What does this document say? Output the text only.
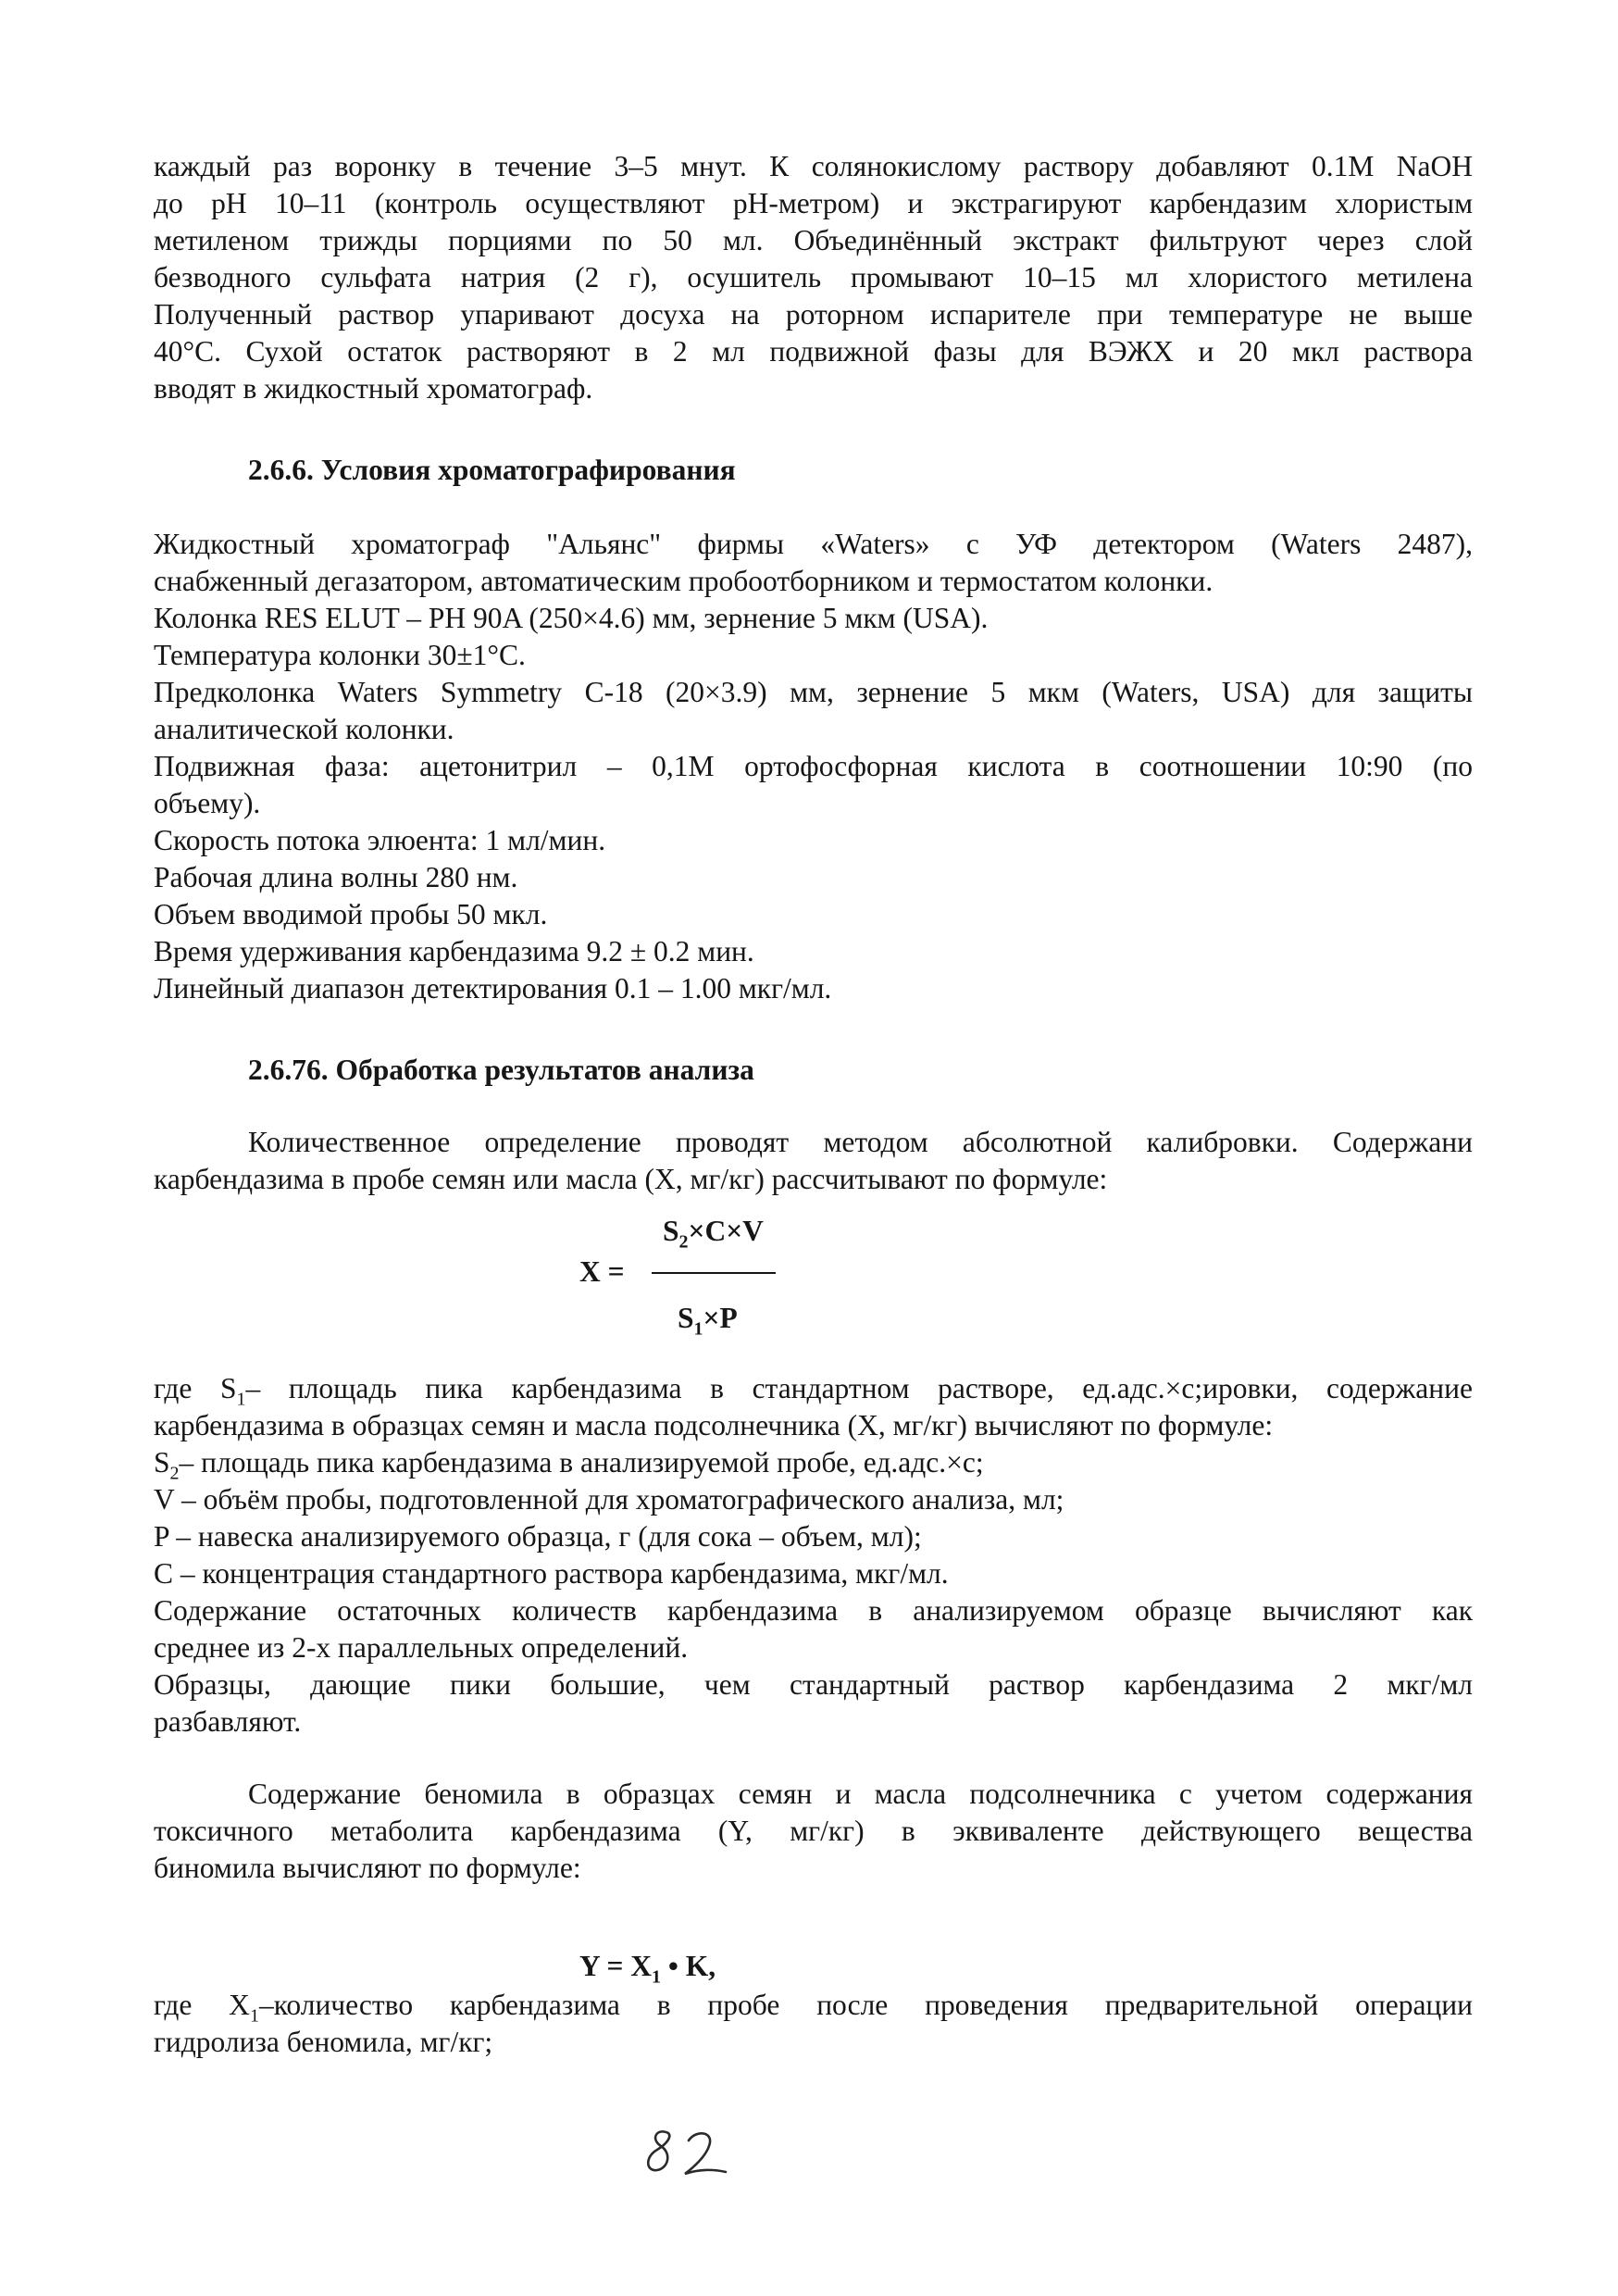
каждый раз воронку в течение 3–5 мнут. К солянокислому раствору добавляют 0.1М NaOH
до рН 10–11 (контроль осуществляют рН-метром) и экстрагируют карбендазим хлористым
метиленом трижды порциями по 50 мл. Объединённый экстракт фильтруют через слой
безводного сульфата натрия (2 г), осушитель промывают 10–15 мл хлористого метилена
Полученный раствор упаривают досуха на роторном испарителе при температуре не выше
40°С. Сухой остаток растворяют в 2 мл подвижной фазы для ВЭЖХ и 20 мкл раствора
вводят в жидкостный хроматограф.
2.6.6. Условия хроматографирования
Жидкостный хроматограф "Альянс" фирмы «Waters» с УФ детектором (Waters 2487),
снабженный дегазатором, автоматическим пробоотборником и термостатом колонки.
Колонка RES ELUT – PH 90A (250×4.6) мм, зернение 5 мкм (USA).
Температура колонки 30±1°С.
Предколонка Waters Symmetry C-18 (20×3.9) мм, зернение 5 мкм (Waters, USA) для защиты
аналитической колонки.
Подвижная фаза: ацетонитрил – 0,1М ортофосфорная кислота в соотношении 10:90 (по
объему).
Скорость потока элюента: 1 мл/мин.
Рабочая длина волны 280 нм.
Объем вводимой пробы 50 мкл.
Время удерживания карбендазима 9.2 ± 0.2 мин.
Линейный диапазон детектирования 0.1 – 1.00 мкг/мл.
2.6.76. Обработка результатов анализа
Количественное определение проводят методом абсолютной калибровки. Содержани
карбендазима в пробе семян или масла (Х, мг/кг) рассчитывают по формуле:
$S_2\times C\times V$
X =
$S_1\times P$
где $S_1-$ площадь пика карбендазима в стандартном растворе, ед.адс.×с;ировки, содержание
карбендазима в образцах семян и масла подсолнечника (Х, мг/кг) вычисляют по формуле:
$S_2-$ площадь пика карбендазима в анализируемой пробе, ед.адс.×с;
V – объём пробы, подготовленной для хроматографического анализа, мл;
P – навеска анализируемого образца, г (для сока – объем, мл);
С – концентрация стандартного раствора карбендазима, мкг/мл.
Содержание остаточных количеств карбендазима в анализируемом образце вычисляют как
среднее из 2-х параллельных определений.
Образцы, дающие пики большие, чем стандартный раствор карбендазима 2 мкг/мл
разбавляют.
Содержание беномила в образцах семян и масла подсолнечника с учетом содержания
токсичного метаболита карбендазима (Y, мг/кг) в эквиваленте действующего вещества
биномила вычисляют по формуле:
$Y = X_1$ • K,
где $X_1$–количество карбендазима в пробе после проведения предварительной операции
гидролиза беномила, мг/кг;
